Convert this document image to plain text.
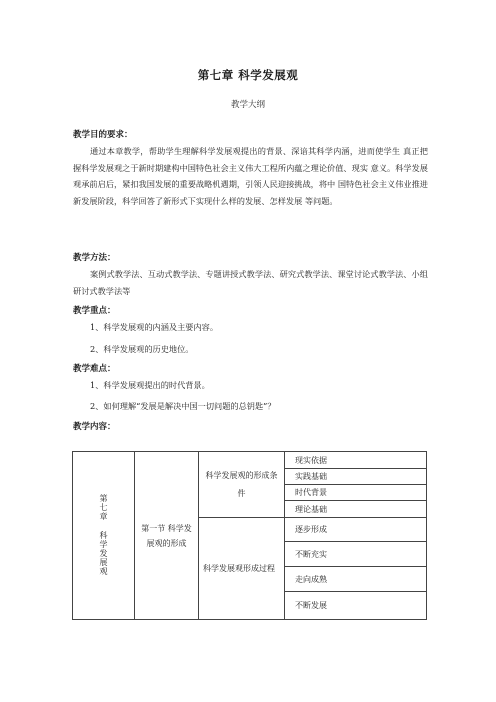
第七章 科学发展观
教学大纲
教学目的要求：
通过本章教学，帮助学生理解科学发展观提出的背景、深谙其科学内涵，进而使学生 真正把握科学发展观之于新时期建构中国特色社会主义伟大工程所内蕴之理论价值、现实 意义。科学发展观承前启后，紧扣我国发展的重要战略机遇期，引领人民迎接挑战，将中 国特色社会主义伟业推进新发展阶段，科学回答了新形式下实现什么样的发展、怎样发展 等问题。
教学方法：
案例式教学法、互动式教学法、专题讲授式教学法、研究式教学法、课堂讨论式教学法、小组研讨式教学法等
教学重点：
1、科学发展观的内涵及主要内容。
2、科学发展观的历史地位。
教学难点：
1、科学发展观提出的时代背景。
2、如何理解“发展是解决中国一切问题的总钥匙”？
教学内容：
第七章 科学发展观	第一节 科学发展观的形成	科学发展观的形成条件	现实依据
			实践基础
			时代背景
			理论基础
		科学发展观形成过程	逐步形成
			不断充实
			走向成熟
			不断发展
